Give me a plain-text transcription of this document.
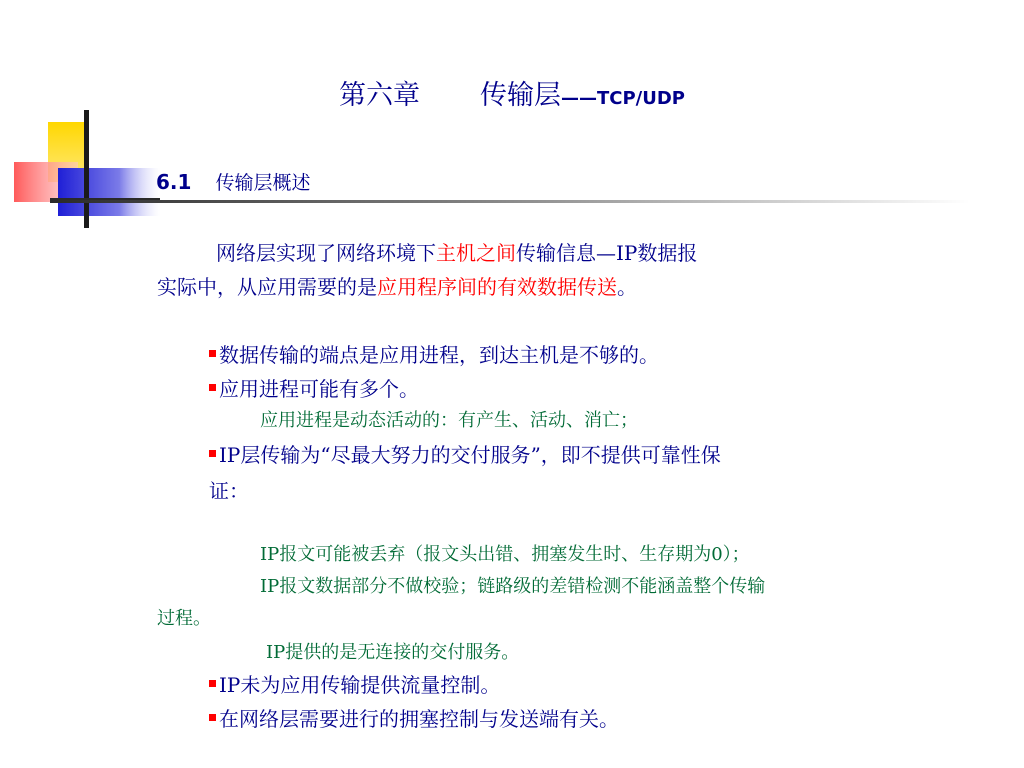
第六章 传输层——TCP/UDP
6.1 传输层概述
网络层实现了网络环境下主机之间传输信息—IP数据报
实际中，从应用需要的是应用程序间的有效数据传送。
数据传输的端点是应用进程，到达主机是不够的。
应用进程可能有多个。
应用进程是动态活动的：有产生、活动、消亡；
IP层传输为“尽最大努力的交付服务”，即不提供可靠性保
证：
IP报文可能被丢弃（报文头出错、拥塞发生时、生存期为0）；
IP报文数据部分不做校验；链路级的差错检测不能涵盖整个传输
过程。
IP提供的是无连接的交付服务。
IP未为应用传输提供流量控制。
在网络层需要进行的拥塞控制与发送端有关。
